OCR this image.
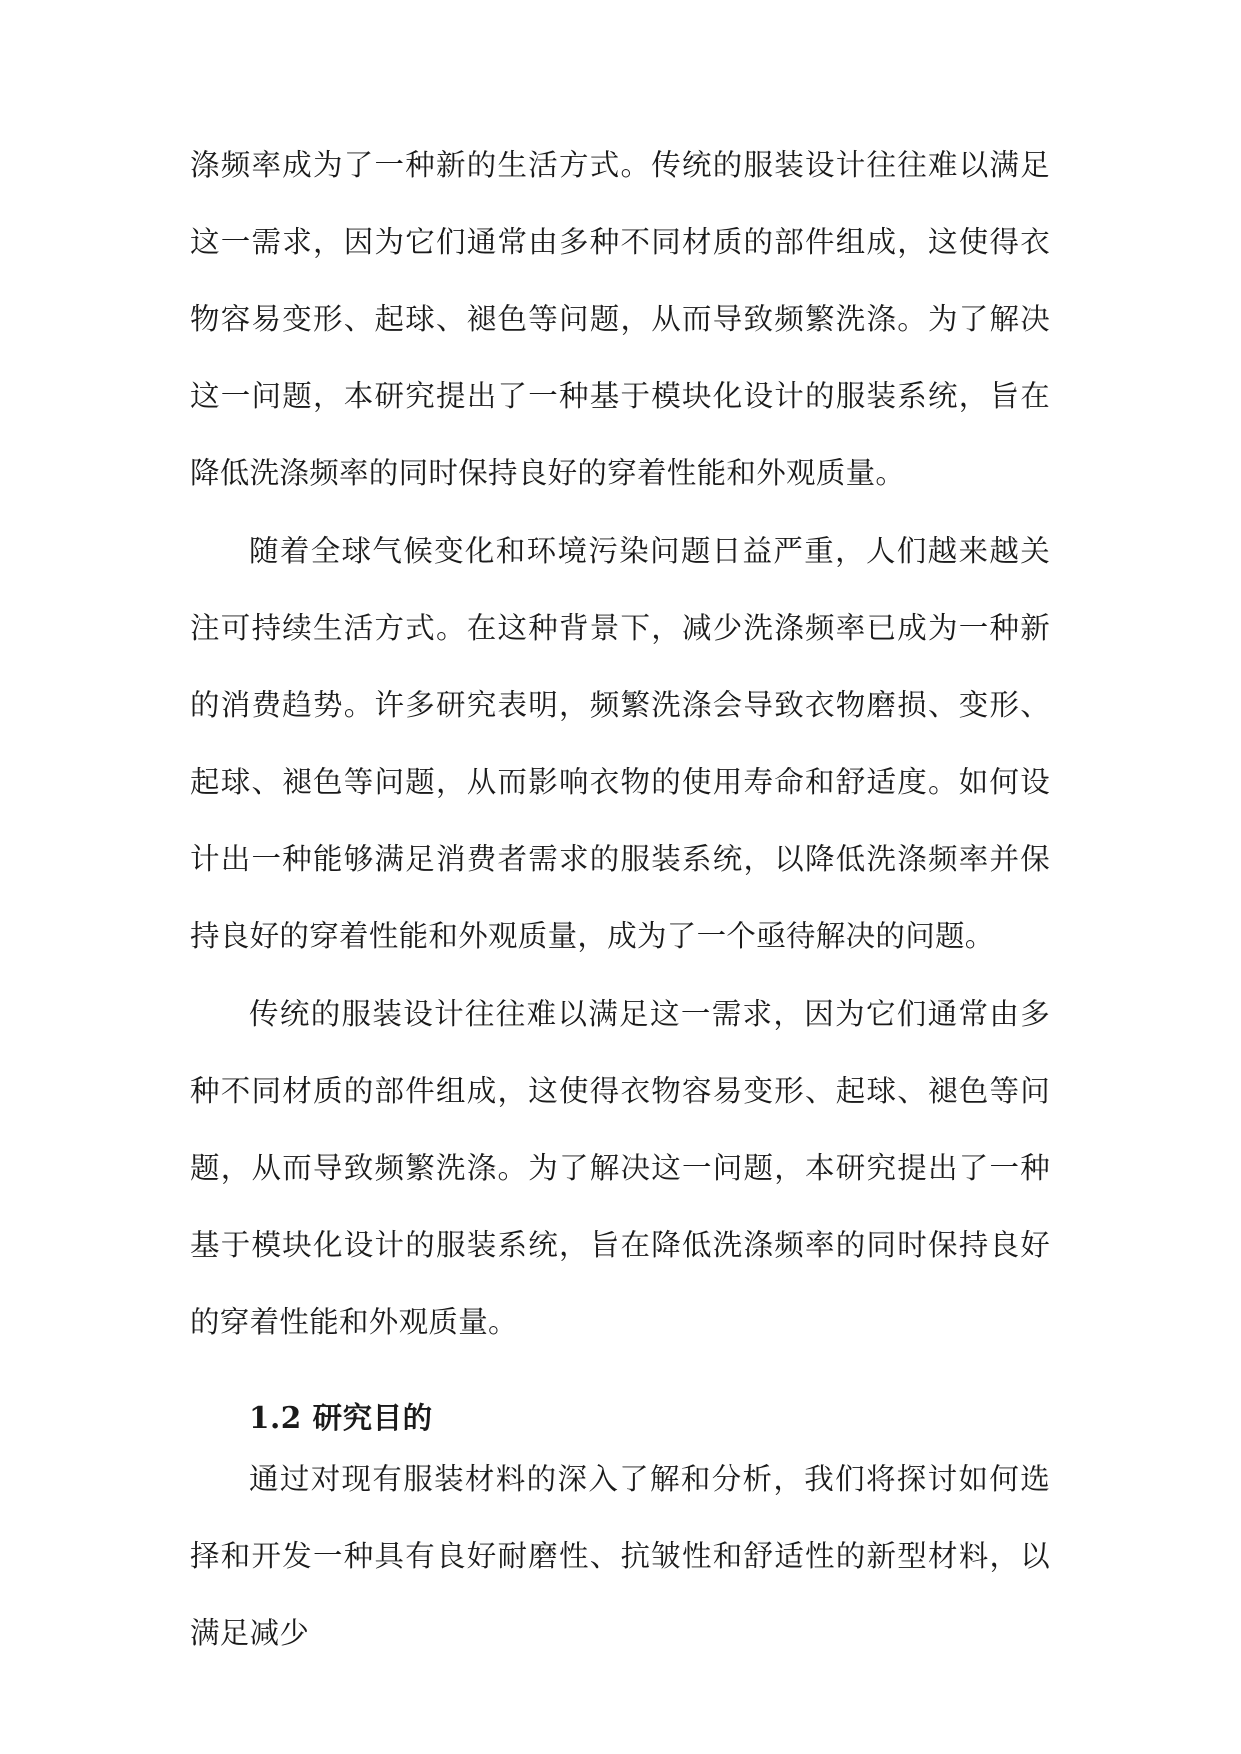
涤频率成为了一种新的生活方式。传统的服装设计往往难以满足这一需求，因为它们通常由多种不同材质的部件组成，这使得衣物容易变形、起球、褪色等问题，从而导致频繁洗涤。为了解决这一问题，本研究提出了一种基于模块化设计的服装系统，旨在降低洗涤频率的同时保持良好的穿着性能和外观质量。

随着全球气候变化和环境污染问题日益严重，人们越来越关注可持续生活方式。在这种背景下，减少洗涤频率已成为一种新的消费趋势。许多研究表明，频繁洗涤会导致衣物磨损、变形、起球、褪色等问题，从而影响衣物的使用寿命和舒适度。如何设计出一种能够满足消费者需求的服装系统，以降低洗涤频率并保持良好的穿着性能和外观质量，成为了一个亟待解决的问题。

传统的服装设计往往难以满足这一需求，因为它们通常由多种不同材质的部件组成，这使得衣物容易变形、起球、褪色等问题，从而导致频繁洗涤。为了解决这一问题，本研究提出了一种基于模块化设计的服装系统，旨在降低洗涤频率的同时保持良好的穿着性能和外观质量。

1.2 研究目的

通过对现有服装材料的深入了解和分析，我们将探讨如何选择和开发一种具有良好耐磨性、抗皱性和舒适性的新型材料，以满足减少
